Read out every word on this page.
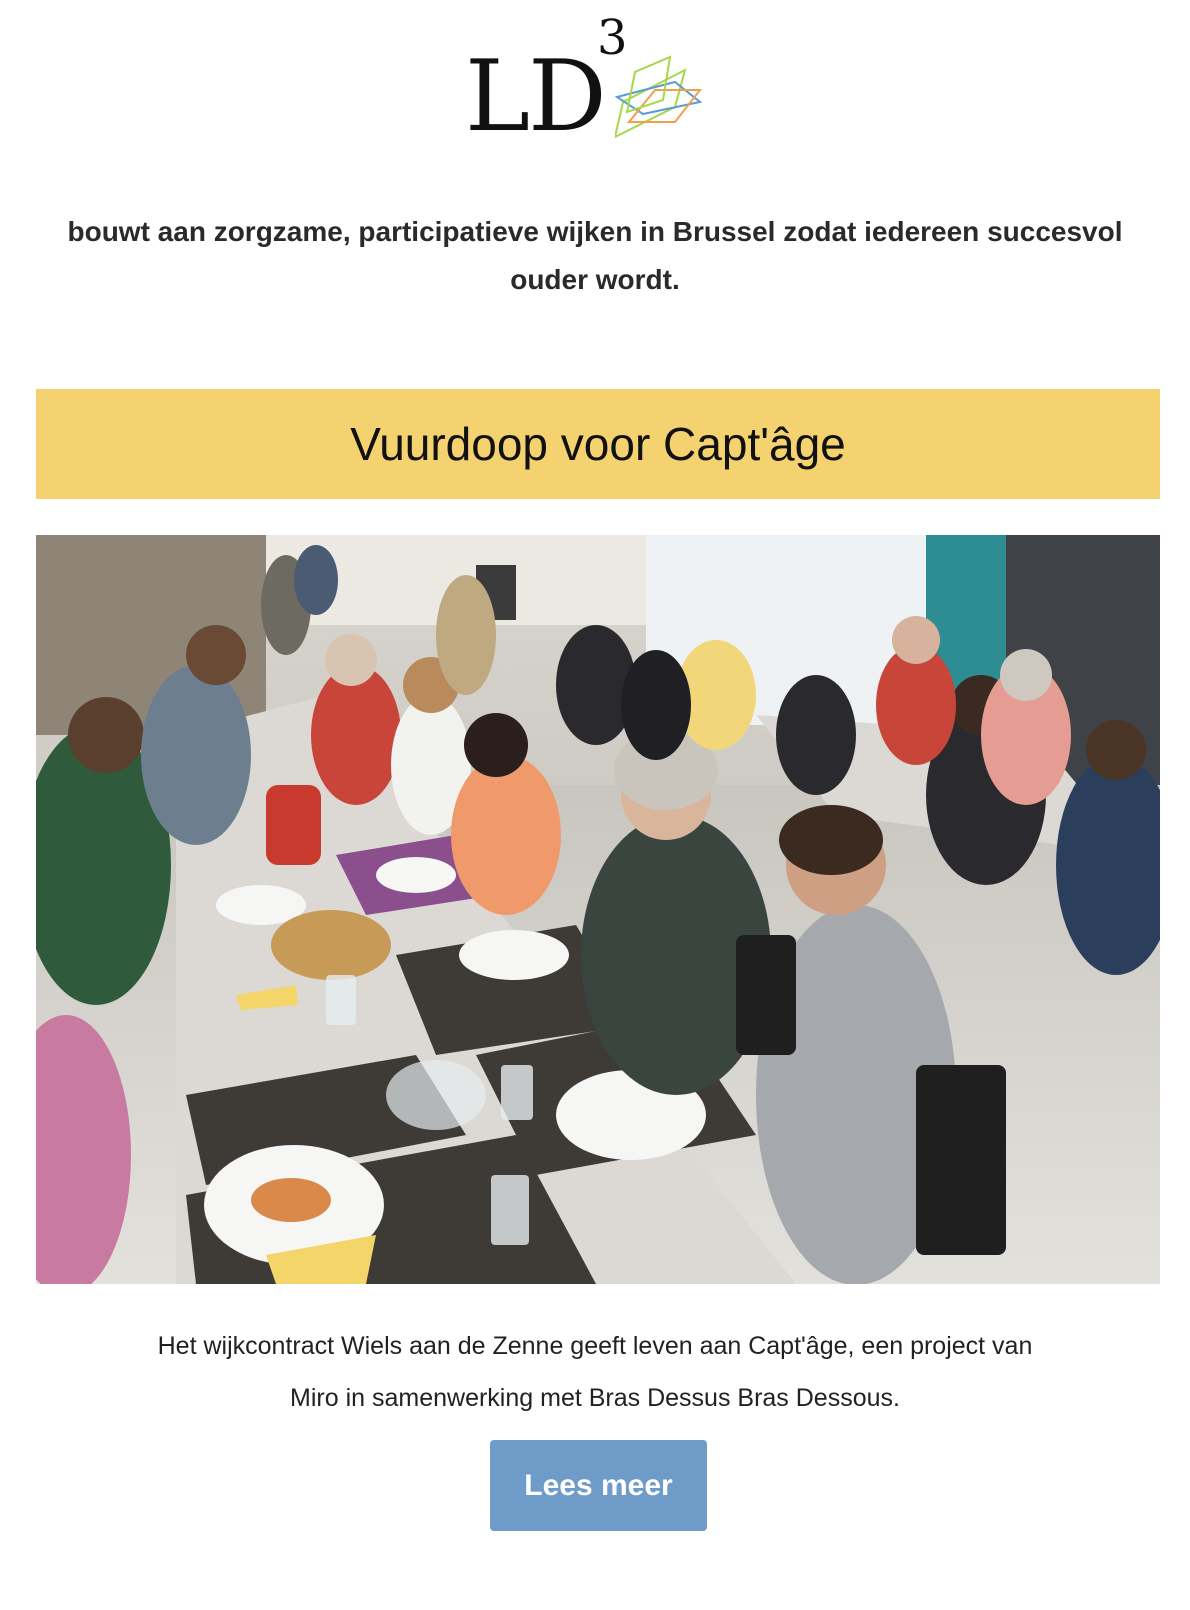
LD
3

bouwt aan zorgzame, participatieve wijken in Brussel zodat iedereen succesvol ouder wordt.

Vuurdoop voor Capt'âge

Het wijkcontract Wiels aan de Zenne geeft leven aan Capt'âge, een project van Miro in samenwerking met Bras Dessus Bras Dessous.

Lees meer
